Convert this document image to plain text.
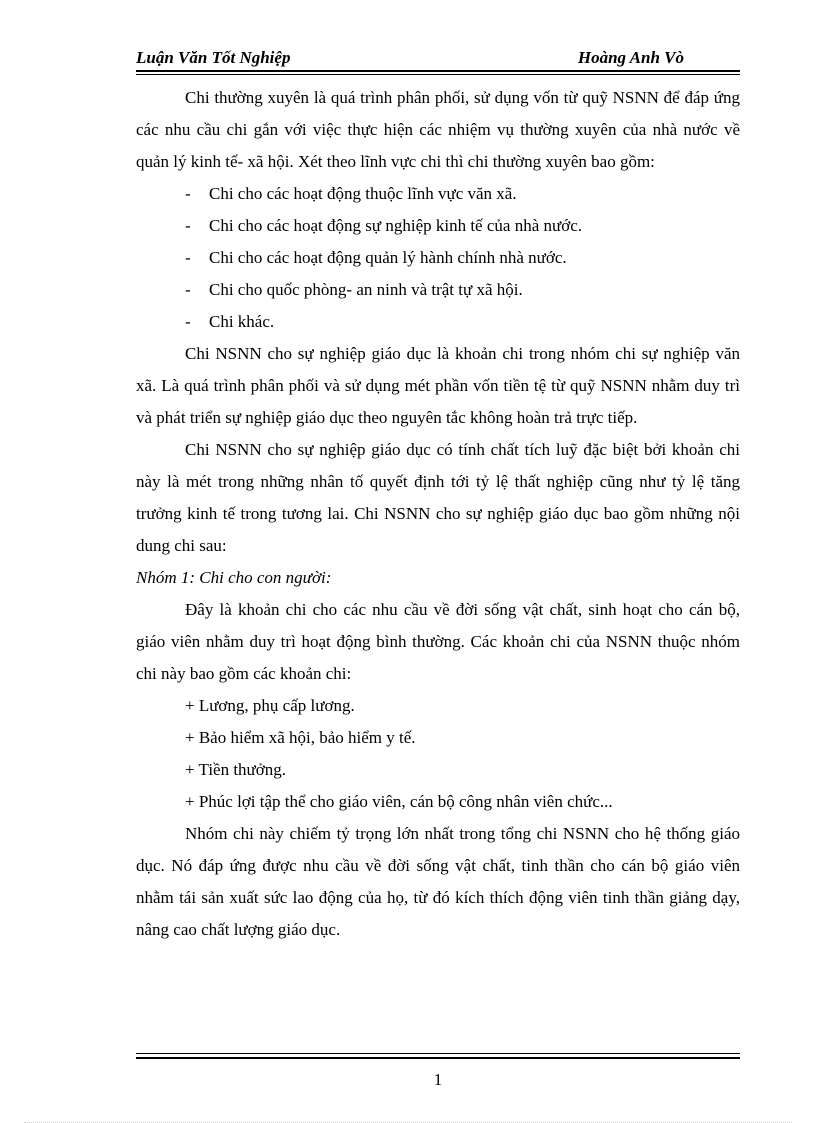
Luận Văn Tốt Nghiệp	Hoàng Anh Vò

Chi thường xuyên là quá trình phân phối, sử dụng vốn từ quỹ NSNN để đáp ứng các nhu cầu chi gắn với việc thực hiện các nhiệm vụ thường xuyên của nhà nước về quản lý kinh tế- xã hội. Xét theo lĩnh vực chi thì chi thường xuyên bao gồm:

- Chi cho các hoạt động thuộc lĩnh vực văn xã.

- Chi cho các hoạt động sự nghiệp kinh tế của nhà nước.

- Chi cho các hoạt động quản lý hành chính nhà nước.

- Chi cho quốc phòng- an ninh và trật tự xã hội.

- Chi khác.

Chi NSNN cho sự nghiệp giáo dục là khoản chi trong nhóm chi sự nghiệp văn xã. Là quá trình phân phối và sử dụng mét phần vốn tiền tệ từ quỹ NSNN nhằm duy trì và phát triển sự nghiệp giáo dục theo nguyên tắc không hoàn trả trực tiếp.

Chi NSNN cho sự nghiệp giáo dục có tính chất tích luỹ đặc biệt bởi khoản chi này là mét trong những nhân tố quyết định tới tỷ lệ thất nghiệp cũng như tỷ lệ tăng trưởng kinh tế trong tương lai. Chi NSNN cho sự nghiệp giáo dục bao gồm những nội dung chi sau:

Nhóm 1: Chi cho con người:

Đây là khoản chi cho các nhu cầu về đời sống vật chất, sinh hoạt cho cán bộ, giáo viên nhằm duy trì hoạt động bình thường. Các khoản chi của NSNN thuộc nhóm chi này bao gồm các khoản chi:

+ Lương, phụ cấp lương.

+ Bảo hiểm xã hội, bảo hiểm y tế.

+ Tiền thưởng.

+ Phúc lợi tập thể cho giáo viên, cán bộ công nhân viên chức...

Nhóm chi này chiếm tỷ trọng lớn nhất trong tổng chi NSNN cho hệ thống giáo dục. Nó đáp ứng được nhu cầu về đời sống vật chất, tinh thần cho cán bộ giáo viên nhằm tái sản xuất sức lao động của họ, từ đó kích thích động viên tinh thần giảng dạy, nâng cao chất lượng giáo dục.

1
